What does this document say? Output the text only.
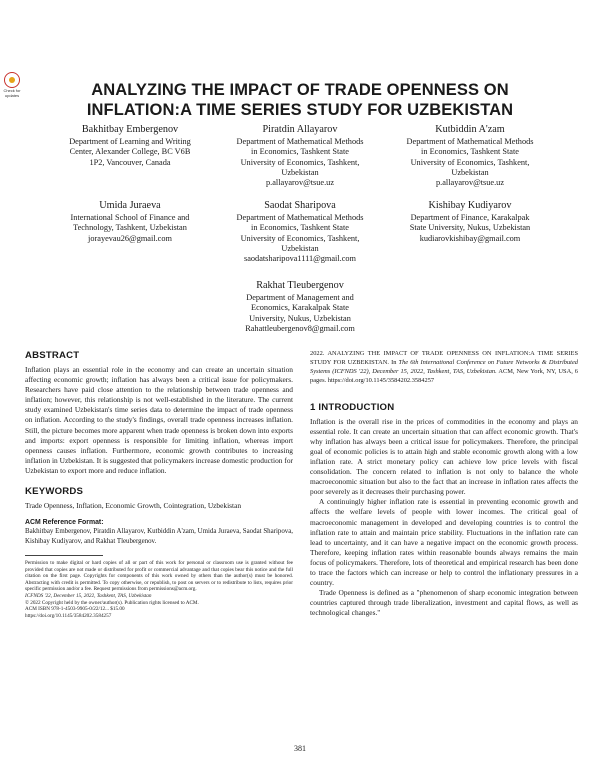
Check for updates	ANALYZING THE IMPACT OF TRADE OPENNESS ON
INFLATION:A TIME SERIES STUDY FOR UZBEKISTAN
Bakhitbay Embergenov
Department of Learning and Writing
Center, Alexander College, BC V6B
1P2, Vancouver, Canada
Piratdin Allayarov
Department of Mathematical Methods
in Economics, Tashkent State
University of Economics, Tashkent,
Uzbekistan
p.allayarov@tsue.uz
Kutbiddin A'zam
Department of Mathematical Methods
in Economics, Tashkent State
University of Economics, Tashkent,
Uzbekistan
p.allayarov@tsue.uz
Umida Juraeva
International School of Finance and
Technology, Tashkent, Uzbekistan
jorayevau26@gmail.com
Saodat Sharipova
Department of Mathematical Methods
in Economics, Tashkent State
University of Economics, Tashkent,
Uzbekistan
saodatsharipova1111@gmail.com
Kishibay Kudiyarov
Department of Finance, Karakalpak
State University, Nukus, Uzbekistan
kudiarovkishibay@gmail.com
Rakhat Tleubergenov
Department of Management and
Economics, Karakalpak State
University, Nukus, Uzbekistan
Rahattleubergenov8@gmail.com
ABSTRACT

Inflation plays an essential role in the economy and can create an uncertain situation affecting economic growth; inflation has always been a critical issue for policymakers. Researchers have paid close attention to the relationship between trade openness and inflation; however, this relationship is not well-established in the literature. The current study examined Uzbekistan's time series data to determine the impact of trade openness on inflation. According to the study's findings, overall trade openness increases inflation. Still, the picture becomes more apparent when trade openness is broken down into exports and imports: export openness is responsible for limiting inflation, whereas import openness causes inflation. Furthermore, economic growth contributes to increasing inflation in Uzbekistan. It is suggested that policymakers increase domestic production for Uzbekistan to export more and reduce inflation.

KEYWORDS

Trade Openness, Inflation, Economic Growth, Cointegration, Uzbekistan

ACM Reference Format:

Bakhitbay Embergenov, Piratdin Allayarov, Kutbiddin A'zam, Umida Juraeva, Saodat Sharipova, Kishibay Kudiyarov, and Rakhat Tleubergenov.

Permission to make digital or hard copies of all or part of this work for personal or classroom use is granted without fee provided that copies are not made or distributed for profit or commercial advantage and that copies bear this notice and the full citation on the first page. Copyrights for components of this work owned by others than the author(s) must be honored. Abstracting with credit is permitted. To copy otherwise, or republish, to post on servers or to redistribute to lists, requires prior specific permission and/or a fee. Request permissions from permissions@acm.org.

ICFNDS '22, December 15, 2022, Tashkent, TAS, Uzbekistan

© 2022 Copyright held by the owner/author(s). Publication rights licensed to ACM.

ACM ISBN 978-1-4503-9905-0/22/12... $15.00

https://doi.org/10.1145/3584202.3584257

2022. ANALYZING THE IMPACT OF TRADE OPENNESS ON INFLATION:A TIME SERIES STUDY FOR UZBEKISTAN. In The 6th International Conference on Future Networks & Distributed Systems (ICFNDS '22), December 15, 2022, Tashkent, TAS, Uzbekistan. ACM, New York, NY, USA, 6 pages. https://doi.org/10.1145/3584202.3584257

1 INTRODUCTION

Inflation is the overall rise in the prices of commodities in the economy and plays an essential role. It can create an uncertain situation that can affect economic growth. That's why inflation has always been a critical issue for policymakers. Therefore, the principal goal of economic policies is to attain high and stable economic growth along with a low inflation rate. A strict monetary policy can achieve low price levels with fiscal consolidation. The concern related to inflation is not only to balance the whole macroeconomic situation but also to the fact that an increase in inflation rates affects the poor severely as it decreases their purchasing power.

A continuingly higher inflation rate is essential in preventing economic growth and affects the welfare levels of people with lower incomes. The critical goal of macroeconomic management in developed and developing countries is to control the inflation rate to attain and maintain price stability. Fluctuations in the inflation rate can lead to uncertainty, and it can have a negative impact on the economic growth process. Therefore, keeping inflation rates within reasonable bounds always remains the main focus of policymakers. Therefore, lots of theoretical and empirical research has been done to trace the factors which can increase or help to control the inflationary pressures in a country.

Trade Openness is defined as a "phenomenon of sharp economic integration between countries captured through trade liberalization, investment and capital flows, as well as technological changes."

381
